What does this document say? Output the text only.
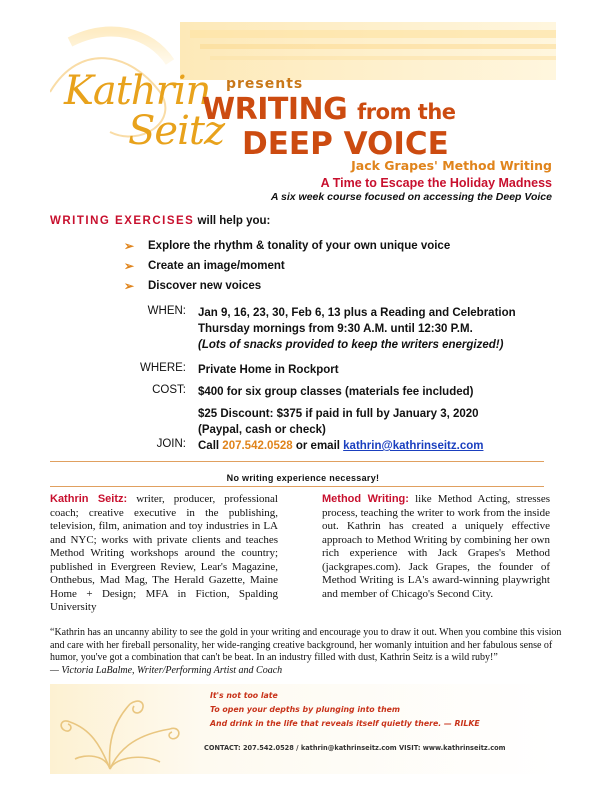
Kathrin
Seitz
presents
WRITING from the
DEEP VOICE
Jack Grapes' Method Writing
A Time to Escape the Holiday Madness
A six week course focused on accessing the Deep Voice
WRITING EXERCISES will help you:
➢	Explore the rhythm & tonality of your own unique voice
➢	Create an image/moment
➢	Discover new voices
WHEN: Jan 9, 16, 23, 30, Feb 6, 13 plus a Reading and Celebration
Thursday mornings from 9:30 A.M. until 12:30 P.M.
(Lots of snacks provided to keep the writers energized!)
WHERE: Private Home in Rockport
COST: $400 for six group classes (materials fee included)
$25 Discount: $375 if paid in full by January 3, 2020
(Paypal, cash or check)
JOIN: Call 207.542.0528 or email kathrin@kathrinseitz.com
No writing experience necessary!
Kathrin Seitz: writer, producer, professional coach; creative executive in the publishing, television, film, animation and toy industries in LA and NYC; works with private clients and teaches Method Writing workshops around the country; published in Evergreen Review, Lear's Magazine, Onthebus, Mad Mag, The Herald Gazette, Maine Home + Design; MFA in Fiction, Spalding University
Method Writing: like Method Acting, stresses process, teaching the writer to work from the inside out. Kathrin has created a uniquely effective approach to Method Writing by combining her own rich experience with Jack Grapes's Method (jackgrapes.com). Jack Grapes, the founder of Method Writing is LA's award-winning playwright and member of Chicago's Second City.
“Kathrin has an uncanny ability to see the gold in your writing and encourage you to draw it out. When you combine this vision and care with her fireball personality, her wide-ranging creative background, her womanly intuition and her fabulous sense of humor, you've got a combination that can't be beat. In an industry filled with dust, Kathrin Seitz is a wild ruby!”
— Victoria LaBalme, Writer/Performing Artist and Coach
It's not too late
To open your depths by plunging into them
And drink in the life that reveals itself quietly there. — RILKE
CONTACT: 207.542.0528 / kathrin@kathrinseitz.com VISIT: www.kathrinseitz.com
